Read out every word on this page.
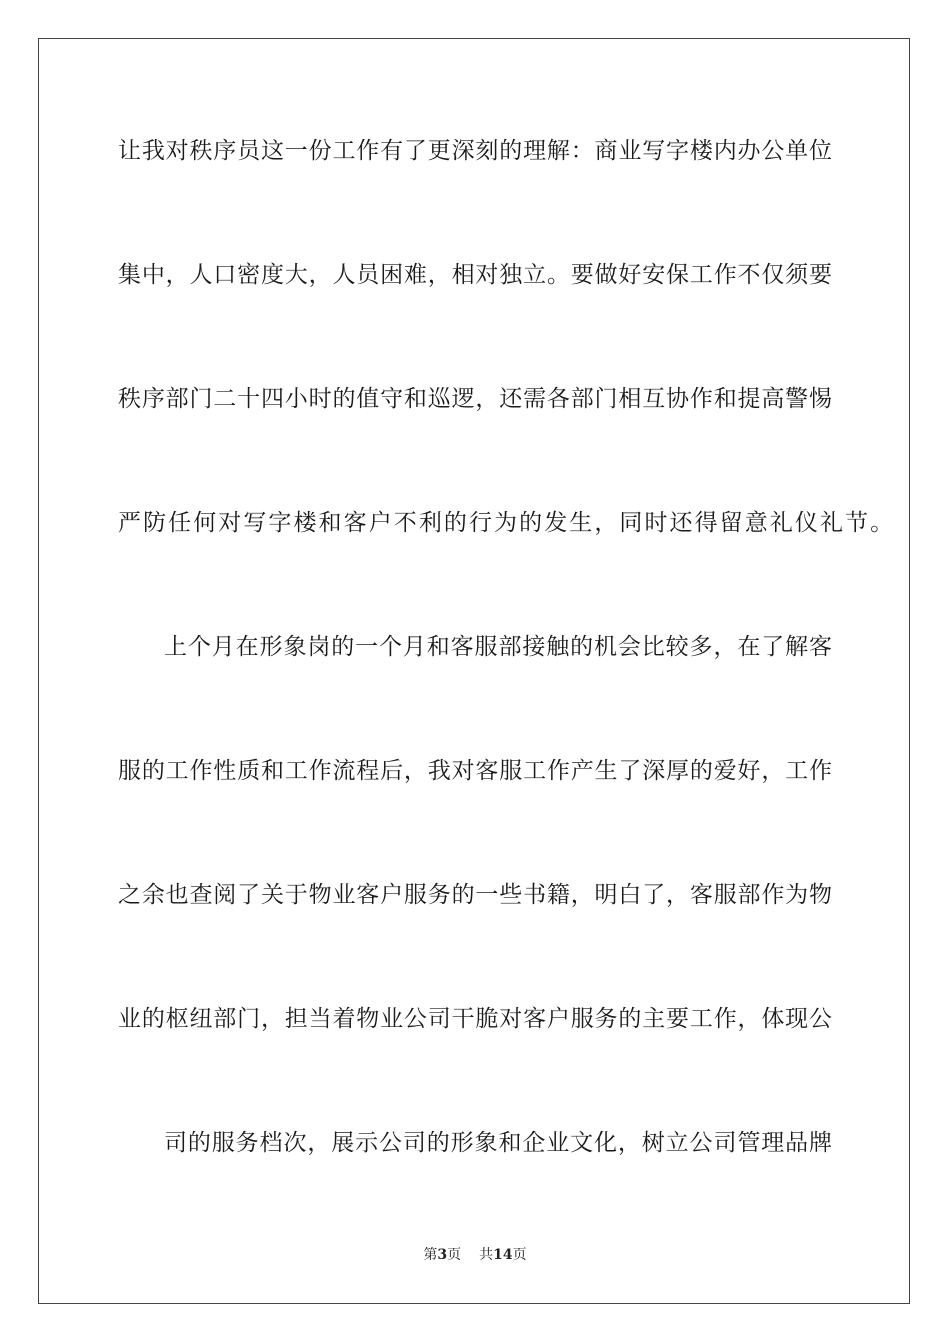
让我对秩序员这一份工作有了更深刻的理解：商业写字楼内办公单位

集中，人口密度大，人员困难，相对独立。要做好安保工作不仅须要

秩序部门二十四小时的值守和巡逻，还需各部门相互协作和提高警惕

严防任何对写字楼和客户不利的行为的发生，同时还得留意礼仪礼节。

上个月在形象岗的一个月和客服部接触的机会比较多，在了解客

服的工作性质和工作流程后，我对客服工作产生了深厚的爱好，工作

之余也查阅了关于物业客户服务的一些书籍，明白了，客服部作为物

业的枢纽部门，担当着物业公司干脆对客户服务的主要工作，体现公

司的服务档次，展示公司的形象和企业文化，树立公司管理品牌

第3页 共14页
